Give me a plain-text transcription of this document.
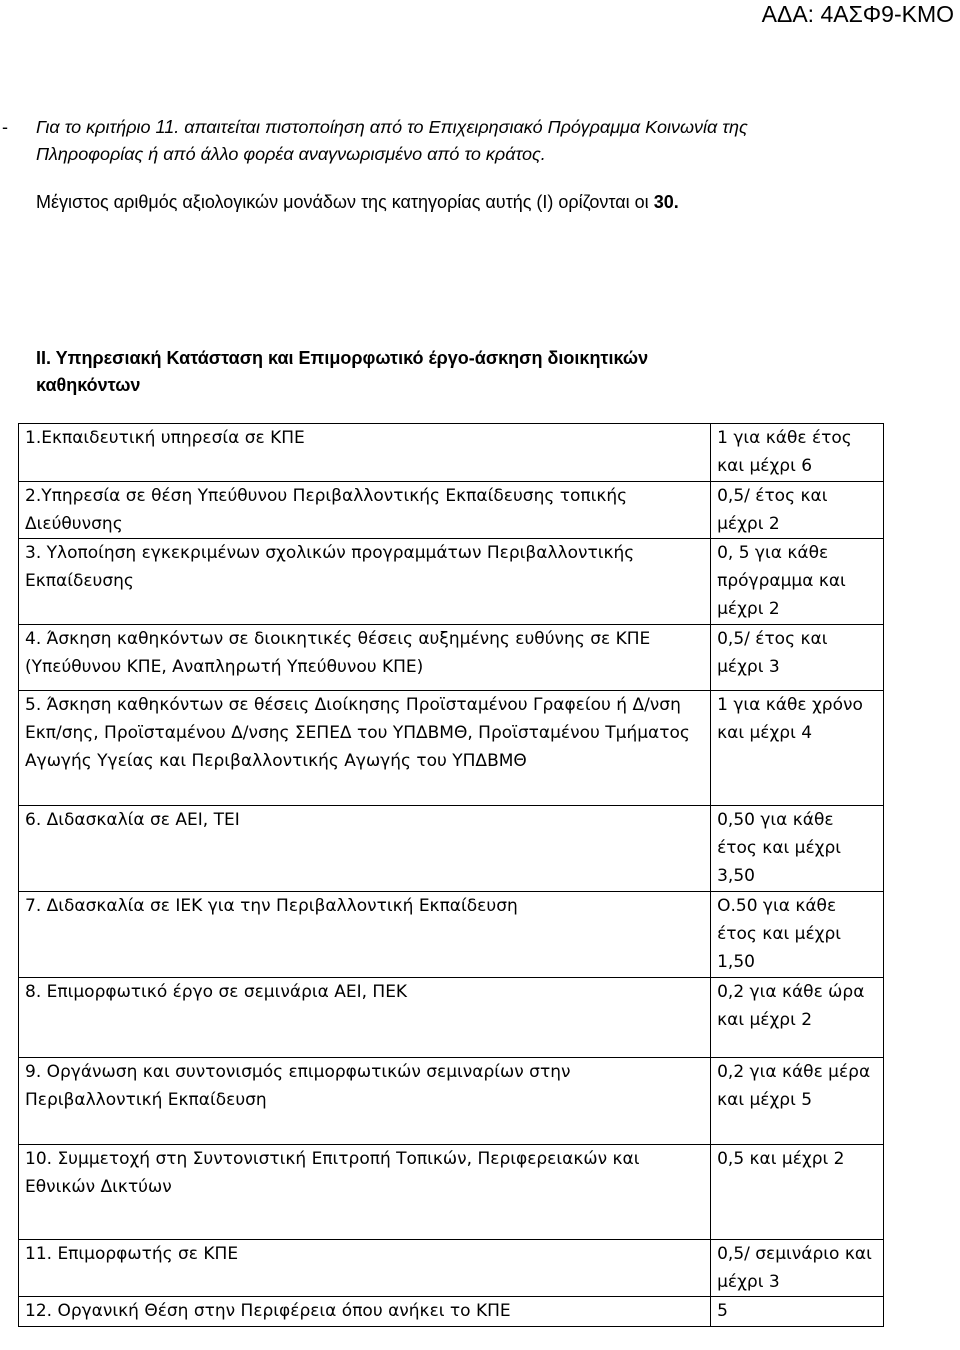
ΑΔΑ: 4ΑΣΦ9-ΚΜΟ
- Για το κριτήριο 11. απαιτείται πιστοποίηση από το Επιχειρησιακό Πρόγραμμα Κοινωνία της Πληροφορίας ή από άλλο φορέα αναγνωρισμένο από το κράτος.
Μέγιστος αριθμός αξιολογικών μονάδων της κατηγορίας αυτής (Ι) ορίζονται οι 30.
ΙΙ. Υπηρεσιακή Κατάσταση και Επιμορφωτικό έργο-άσκηση διοικητικών καθηκόντων
1.Εκπαιδευτική υπηρεσία σε ΚΠΕ	1 για κάθε έτος και μέχρι 6
2.Υπηρεσία σε θέση Υπεύθυνου Περιβαλλοντικής Εκπαίδευσης τοπικής Διεύθυνσης	0,5/ έτος και μέχρι 2
3. Υλοποίηση εγκεκριμένων σχολικών προγραμμάτων Περιβαλλοντικής Εκπαίδευσης	0, 5 για κάθε πρόγραμμα και μέχρι 2
4. Άσκηση καθηκόντων σε διοικητικές θέσεις αυξημένης ευθύνης σε ΚΠΕ (Υπεύθυνου ΚΠΕ, Αναπληρωτή Υπεύθυνου ΚΠΕ)	0,5/ έτος και μέχρι 3
5. Άσκηση καθηκόντων σε θέσεις Διοίκησης Προϊσταμένου Γραφείου ή Δ/νση Εκπ/σης, Προϊσταμένου Δ/νσης ΣΕΠΕΔ του ΥΠΔΒΜΘ, Προϊσταμένου Τμήματος Αγωγής Υγείας και Περιβαλλοντικής Αγωγής του ΥΠΔΒΜΘ	1 για κάθε χρόνο και μέχρι 4
6. Διδασκαλία σε ΑΕΙ, ΤΕΙ	0,50 για κάθε έτος και μέχρι 3,50
7. Διδασκαλία σε ΙΕΚ για την Περιβαλλοντική Εκπαίδευση	Ο.50 για κάθε έτος και μέχρι 1,50
8. Επιμορφωτικό έργο σε σεμινάρια ΑΕΙ, ΠΕΚ	0,2 για κάθε ώρα και μέχρι 2
9. Οργάνωση και συντονισμός επιμορφωτικών σεμιναρίων στην Περιβαλλοντική Εκπαίδευση	0,2 για κάθε μέρα και μέχρι 5
10. Συμμετοχή στη Συντονιστική Επιτροπή Τοπικών, Περιφερειακών και Εθνικών Δικτύων	0,5 και μέχρι 2
11. Επιμορφωτής σε ΚΠΕ	0,5/ σεμινάριο και μέχρι 3
12. Οργανική Θέση στην Περιφέρεια όπου ανήκει το ΚΠΕ	5
